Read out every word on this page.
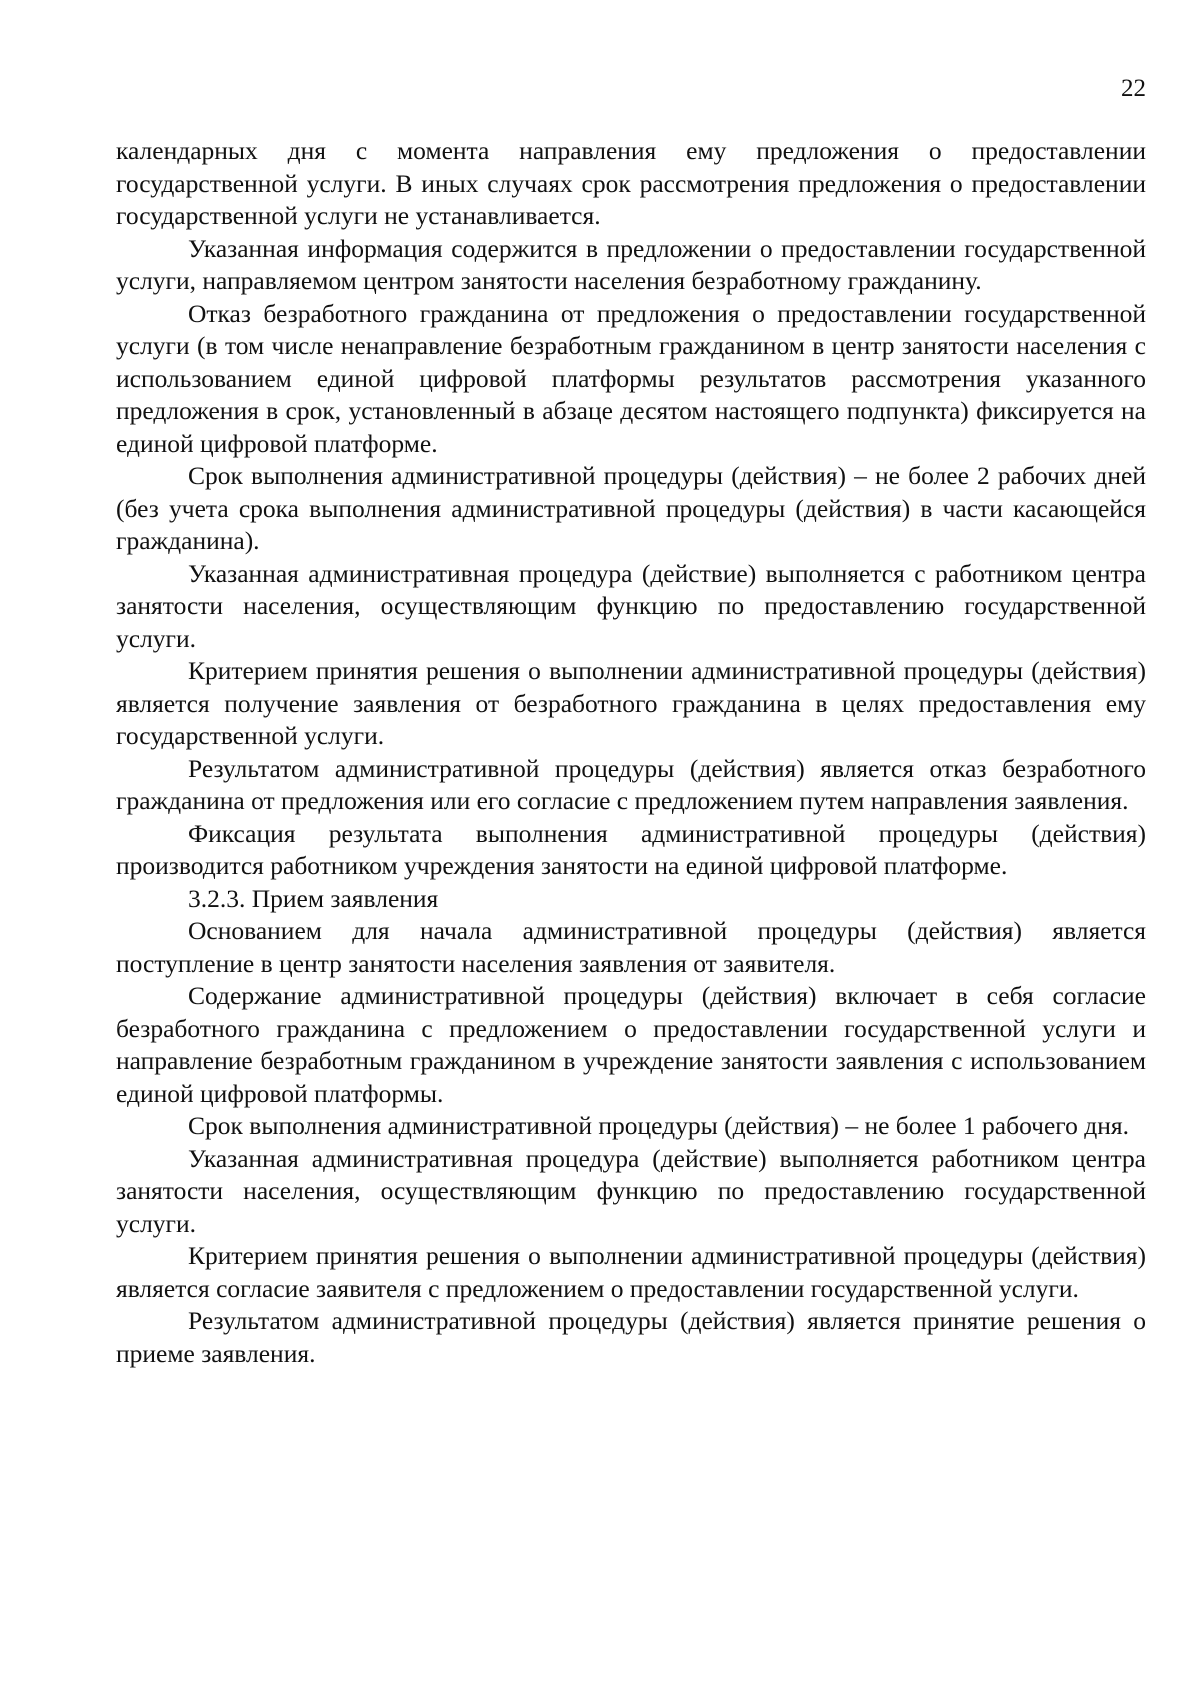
22

календарных дня с момента направления ему предложения о предоставлении государственной услуги. В иных случаях срок рассмотрения предложения о предоставлении государственной услуги не устанавливается.

Указанная информация содержится в предложении о предоставлении государственной услуги, направляемом центром занятости населения безработному гражданину.

Отказ безработного гражданина от предложения о предоставлении государственной услуги (в том числе ненаправление безработным гражданином в центр занятости населения с использованием единой цифровой платформы результатов рассмотрения указанного предложения в срок, установленный в абзаце десятом настоящего подпункта) фиксируется на единой цифровой платформе.

Срок выполнения административной процедуры (действия) – не более 2 рабочих дней (без учета срока выполнения административной процедуры (действия) в части касающейся гражданина).

Указанная административная процедура (действие) выполняется с работником центра занятости населения, осуществляющим функцию по предоставлению государственной услуги.

Критерием принятия решения о выполнении административной процедуры (действия) является получение заявления от безработного гражданина в целях предоставления ему государственной услуги.

Результатом административной процедуры (действия) является отказ безработного гражданина от предложения или его согласие с предложением путем направления заявления.

Фиксация результата выполнения административной процедуры (действия) производится работником учреждения занятости на единой цифровой платформе.

3.2.3. Прием заявления

Основанием для начала административной процедуры (действия) является поступление в центр занятости населения заявления от заявителя.

Содержание административной процедуры (действия) включает в себя согласие безработного гражданина с предложением о предоставлении государственной услуги и направление безработным гражданином в учреждение занятости заявления с использованием единой цифровой платформы.

Срок выполнения административной процедуры (действия) – не более 1 рабочего дня.

Указанная административная процедура (действие) выполняется работником центра занятости населения, осуществляющим функцию по предоставлению государственной услуги.

Критерием принятия решения о выполнении административной процедуры (действия) является согласие заявителя с предложением о предоставлении государственной услуги.

Результатом административной процедуры (действия) является принятие решения о приеме заявления.
